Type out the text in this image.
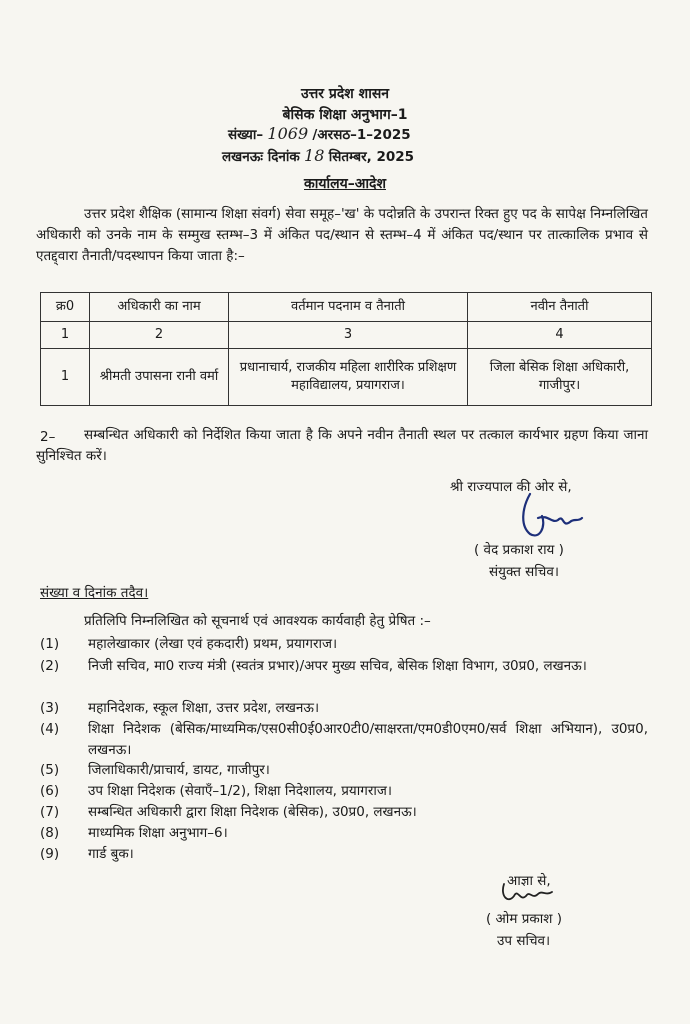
उत्तर प्रदेश शासन
बेसिक शिक्षा अनुभाग–1
संख्या– 1069 /अरसठ–1–2025
लखनऊः दिनांक 18 सितम्बर, 2025
कार्यालय–आदेश
उत्तर प्रदेश शैक्षिक (सामान्य शिक्षा संवर्ग) सेवा समूह–'ख' के पदोन्नति के उपरान्त रिक्त हुए पद के सापेक्ष निम्नलिखित अधिकारी को उनके नाम के सम्मुख स्तम्भ–3 में अंकित पद/स्थान से स्तम्भ–4 में अंकित पद/स्थान पर तात्कालिक प्रभाव से एतद्द्वारा तैनाती/पदस्थापन किया जाता है:–
क्र0	अधिकारी का नाम	वर्तमान पदनाम व तैनाती	नवीन तैनाती
1	2	3	4
1	श्रीमती उपासना रानी वर्मा	प्रधानाचार्य, राजकीय महिला शारीरिक प्रशिक्षण महाविद्यालय, प्रयागराज।	जिला बेसिक शिक्षा अधिकारी, गाजीपुर।
2–	सम्बन्धित अधिकारी को निर्देशित किया जाता है कि अपने नवीन तैनाती स्थल पर तत्काल कार्यभार ग्रहण किया जाना सुनिश्चित करें।
श्री राज्यपाल की ओर से,
( वेद प्रकाश राय )
संयुक्त सचिव।
संख्या व दिनांक तदैव।
प्रतिलिपि निम्नलिखित को सूचनार्थ एवं आवश्यक कार्यवाही हेतु प्रेषित :–
(1) महालेखाकार (लेखा एवं हकदारी) प्रथम, प्रयागराज।
(2) निजी सचिव, मा0 राज्य मंत्री (स्वतंत्र प्रभार)/अपर मुख्य सचिव, बेसिक शिक्षा विभाग, उ0प्र0, लखनऊ।
(3) महानिदेशक, स्कूल शिक्षा, उत्तर प्रदेश, लखनऊ।
(4) शिक्षा निदेशक (बेसिक/माध्यमिक/एस0सी0ई0आर0टी0/साक्षरता/एम0डी0एम0/सर्व शिक्षा अभियान), उ0प्र0, लखनऊ।
(5) जिलाधिकारी/प्राचार्य, डायट, गाजीपुर।
(6) उप शिक्षा निदेशक (सेवाएँ–1/2), शिक्षा निदेशालय, प्रयागराज।
(7) सम्बन्धित अधिकारी द्वारा शिक्षा निदेशक (बेसिक), उ0प्र0, लखनऊ।
(8) माध्यमिक शिक्षा अनुभाग–6।
(9) गार्ड बुक।
आज्ञा से,
( ओम प्रकाश )
उप सचिव।
